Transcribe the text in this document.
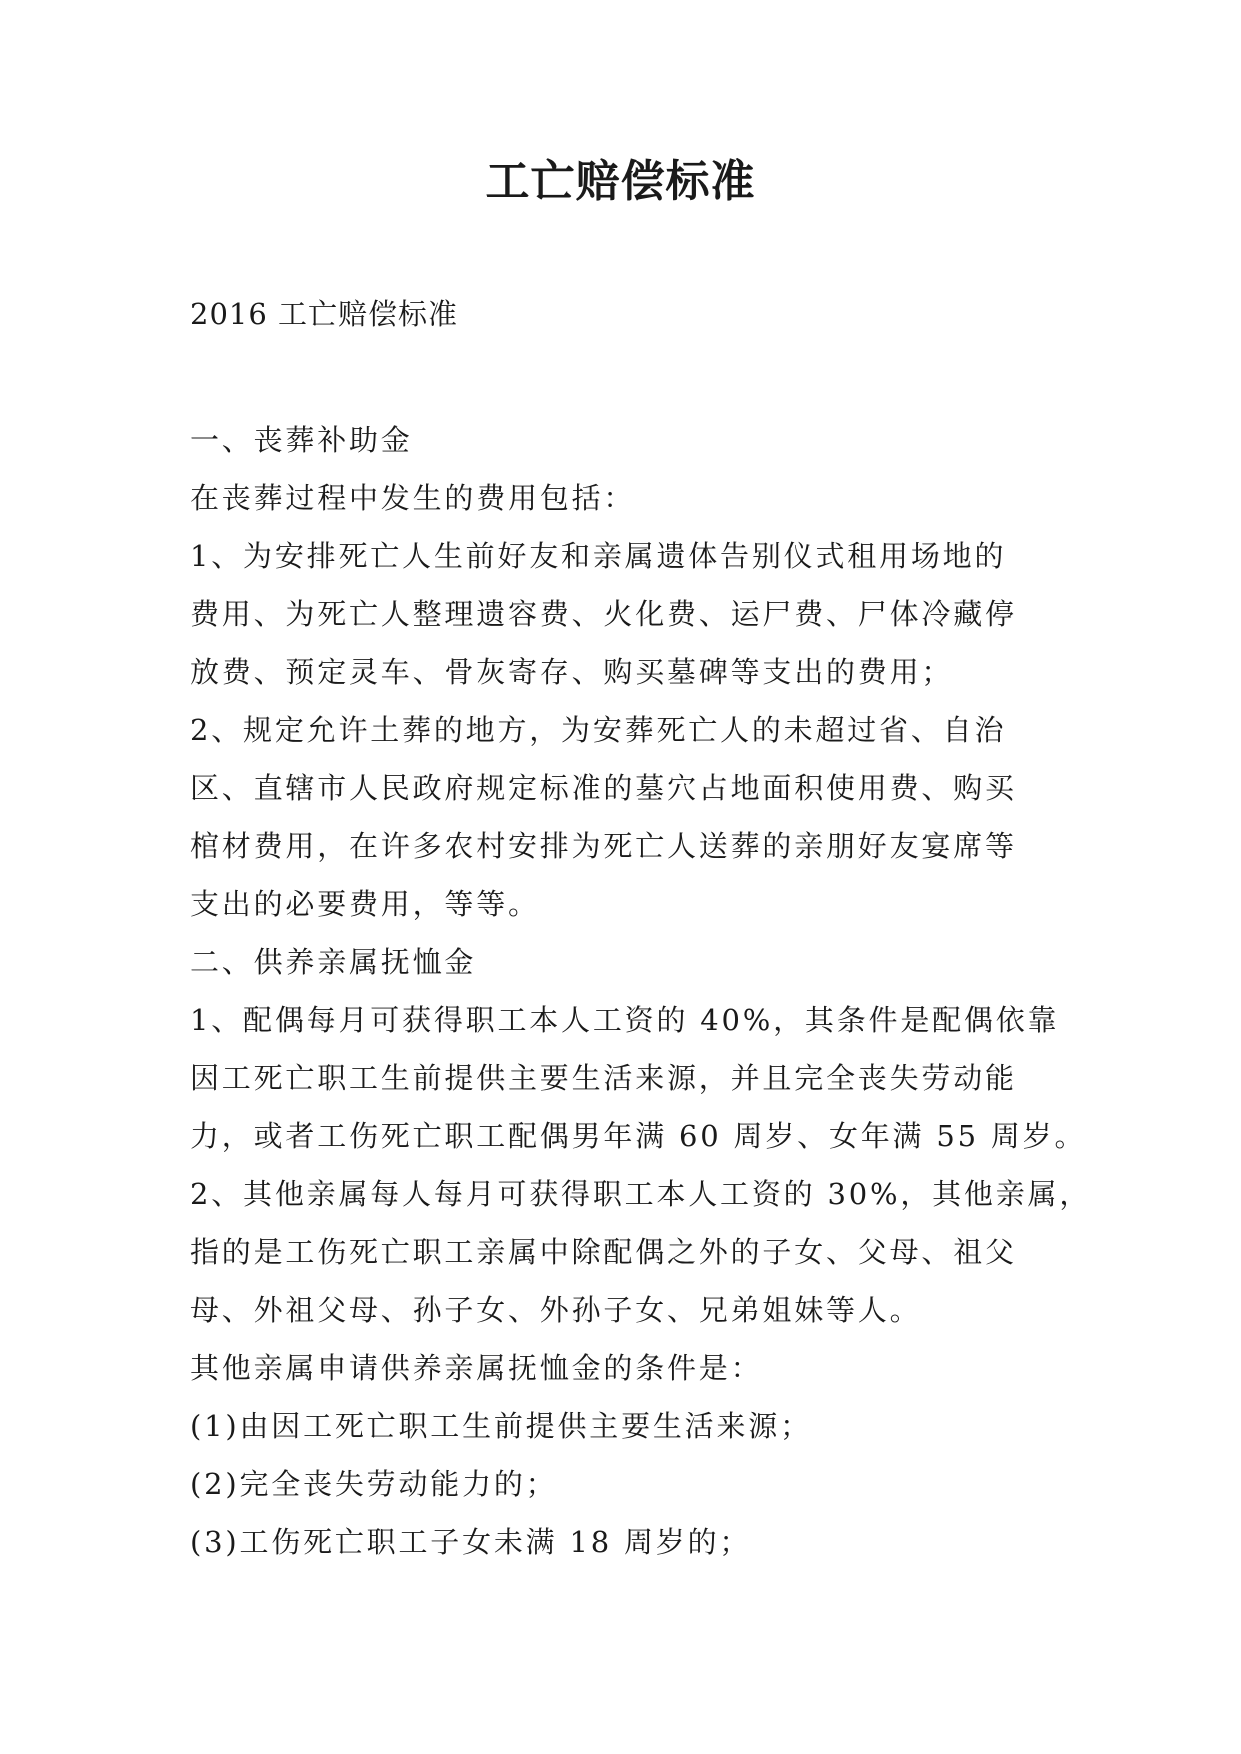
工亡赔偿标准

2016 工亡赔偿标准

一、丧葬补助金

在丧葬过程中发生的费用包括：

1、为安排死亡人生前好友和亲属遗体告别仪式租用场地的

费用、为死亡人整理遗容费、火化费、运尸费、尸体冷藏停

放费、预定灵车、骨灰寄存、购买墓碑等支出的费用；

2、规定允许土葬的地方，为安葬死亡人的未超过省、自治

区、直辖市人民政府规定标准的墓穴占地面积使用费、购买

棺材费用，在许多农村安排为死亡人送葬的亲朋好友宴席等

支出的必要费用，等等。

二、供养亲属抚恤金

1、配偶每月可获得职工本人工资的 40%，其条件是配偶依靠

因工死亡职工生前提供主要生活来源，并且完全丧失劳动能

力，或者工伤死亡职工配偶男年满 60 周岁、女年满 55 周岁。

2、其他亲属每人每月可获得职工本人工资的 30%，其他亲属，

指的是工伤死亡职工亲属中除配偶之外的子女、父母、祖父

母、外祖父母、孙子女、外孙子女、兄弟姐妹等人。

其他亲属申请供养亲属抚恤金的条件是：

(1)由因工死亡职工生前提供主要生活来源；

(2)完全丧失劳动能力的；

(3)工伤死亡职工子女未满 18 周岁的；
